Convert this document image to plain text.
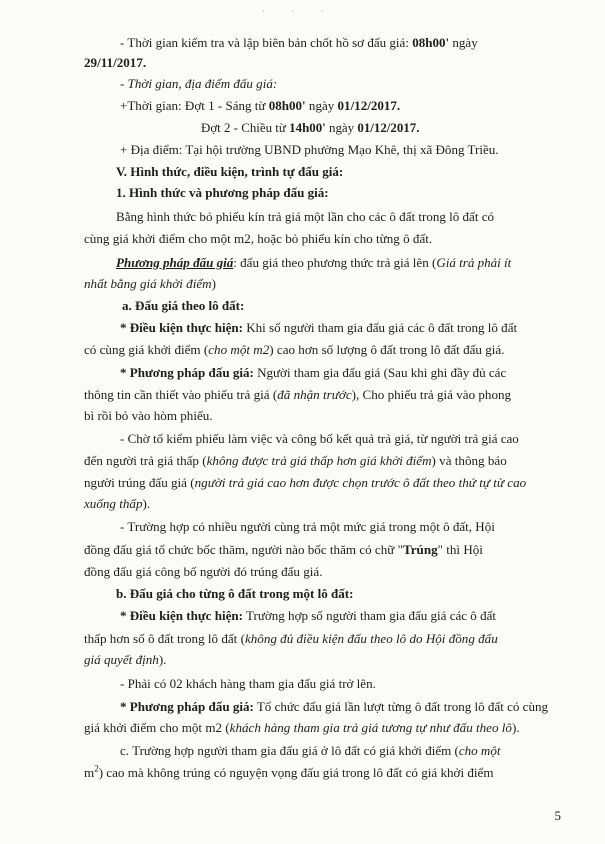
· · ·
- Thời gian kiểm tra và lập biên bản chốt hồ sơ đấu giá: 08h00' ngày
29/11/2017.
- Thời gian, địa điểm đấu giá:
+Thời gian: Đợt 1 - Sáng từ 08h00' ngày 01/12/2017.
Đợt 2 - Chiều từ 14h00' ngày 01/12/2017.
+ Địa điểm: Tại hội trường UBND phường Mạo Khê, thị xã Đông Triều.
V. Hình thức, điều kiện, trình tự đấu giá:
1. Hình thức và phương pháp đấu giá:
Bằng hình thức bỏ phiếu kín trả giá một lần cho các ô đất trong lô đất có
cùng giá khởi điểm cho một m2, hoặc bỏ phiếu kín cho từng ô đất.
Phương pháp đấu giá: đấu giá theo phương thức trả giá lên (Giá trả phải ít
nhất bằng giá khởi điểm)
a. Đấu giá theo lô đất:
* Điều kiện thực hiện: Khi số người tham gia đấu giá các ô đất trong lô đất
có cùng giá khởi điểm (cho một m2) cao hơn số lượng ô đất trong lô đất đấu giá.
* Phương pháp đấu giá: Người tham gia đấu giá (Sau khi ghi đầy đủ các
thông tin cần thiết vào phiếu trả giá (đã nhận trước), Cho phiếu trả giá vào phong
bì rồi bỏ vào hòm phiếu.
- Chờ tổ kiểm phiếu làm việc và công bố kết quả trả giá, từ người trả giá cao
đến người trả giá thấp (không được trả giá thấp hơn giá khởi điểm) và thông báo
người trúng đấu giá (người trả giá cao hơn được chọn trước ô đất theo thứ tự từ cao
xuống thấp).
- Trường hợp có nhiều người cùng trả một mức giá trong một ô đất, Hội
đồng đấu giá tổ chức bốc thăm, người nào bốc thăm có chữ "Trúng" thì Hội
đồng đấu giá công bố người đó trúng đấu giá.
b. Đấu giá cho từng ô đất trong một lô đất:
* Điều kiện thực hiện: Trường hợp số người tham gia đấu giá các ô đất
thấp hơn số ô đất trong lô đất (không đủ điều kiện đấu theo lô do Hội đồng đấu
giá quyết định).
- Phải có 02 khách hàng tham gia đấu giá trở lên.
* Phương pháp đấu giá: Tổ chức đấu giá lần lượt từng ô đất trong lô đất có cùng
giá khởi điểm cho một m2 (khách hàng tham gia trả giá tương tự như đấu theo lô).
c. Trường hợp người tham gia đấu giá ở lô đất có giá khởi điểm (cho một
$m^2$) cao mà không trúng có nguyện vọng đấu giá trong lô đất có giá khởi điểm
5
